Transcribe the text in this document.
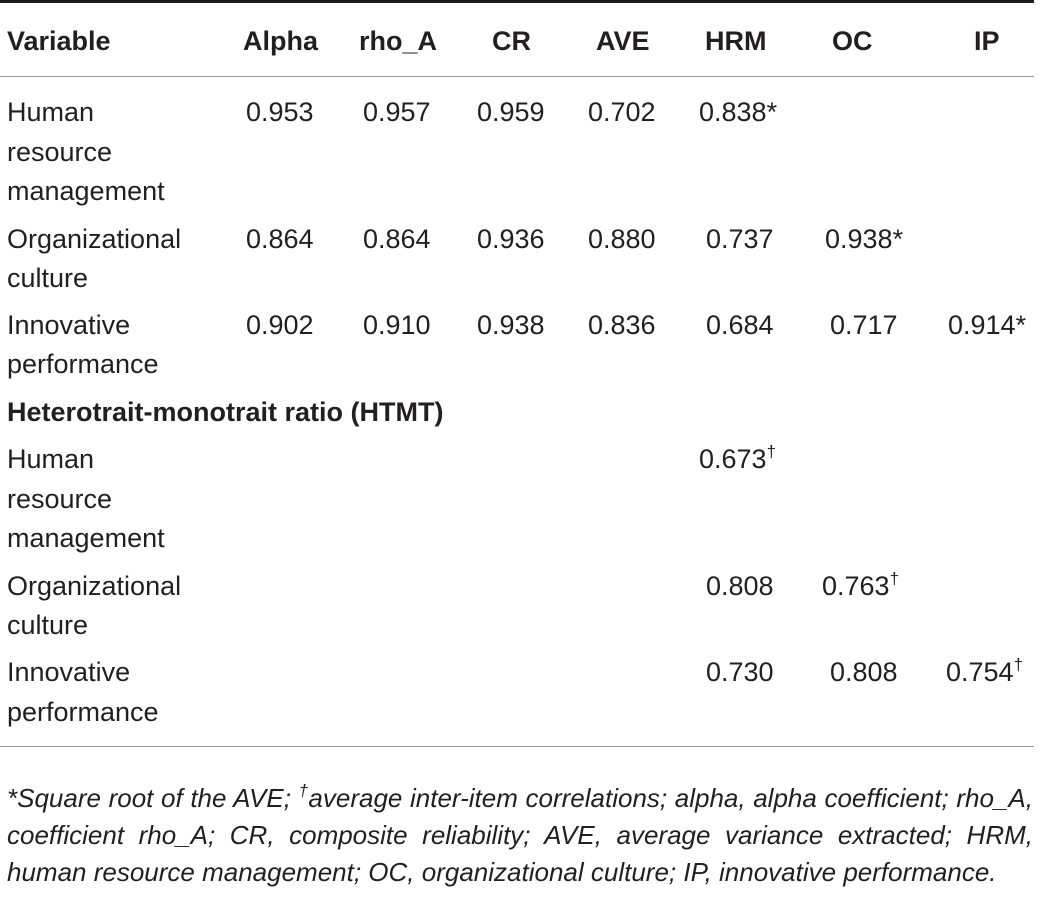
Variable	Alpha rho_A CR AVE HRM OC	IP
Human
resource
management
0.953 0.957 0.959 0.702 0.838*
Organizational
culture
0.864 0.864 0.936 0.880 0.737 0.938*
Innovative
performance
0.902 0.910 0.938 0.836 0.684 0.717 0.914*
Heterotrait-monotrait ratio (HTMT)
Human
resource
management
0.673†
Organizational
culture
0.808 0.763†
Innovative
performance
0.730 0.808 0.754†
*Square root of the AVE; †average inter-item correlations; alpha, alpha coefficient; rho_A, coefficient rho_A; CR, composite reliability; AVE, average variance extracted; HRM, human resource management; OC, organizational culture; IP, innovative performance.
